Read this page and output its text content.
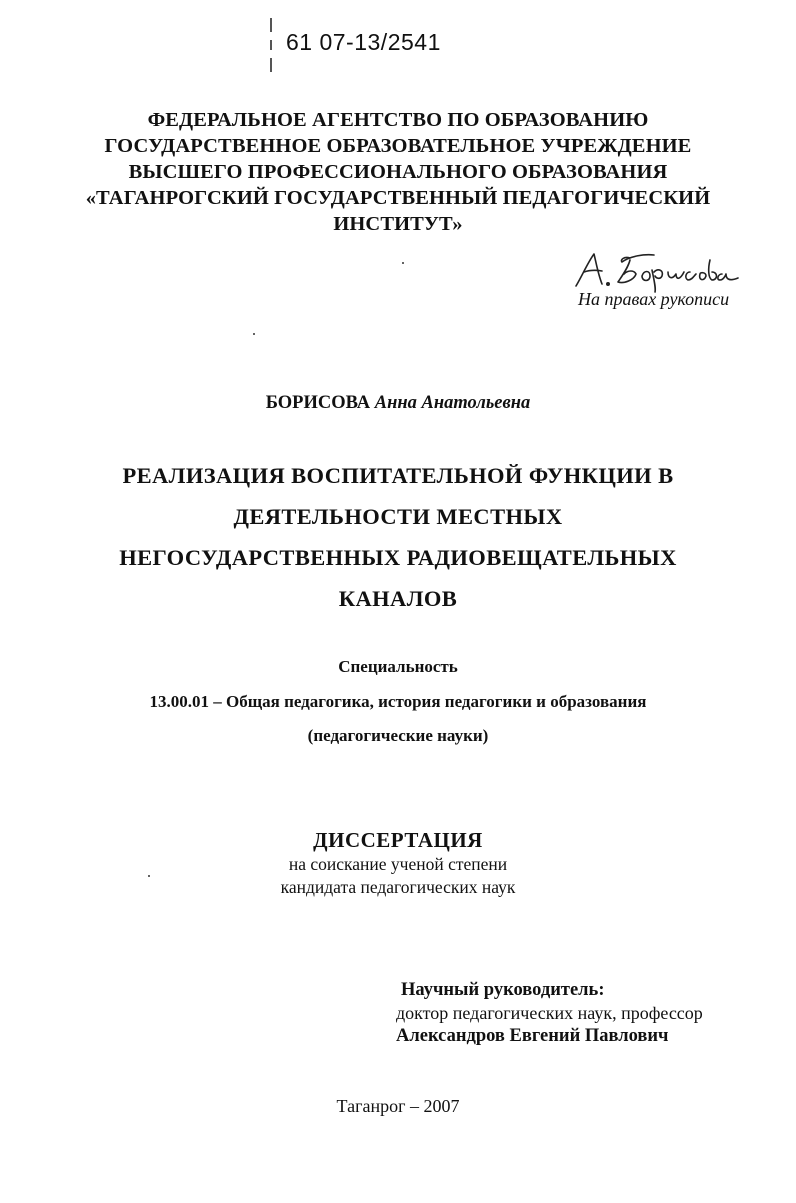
61 07-13/2541
ФЕДЕРАЛЬНОЕ АГЕНТСТВО ПО ОБРАЗОВАНИЮ
ГОСУДАРСТВЕННОЕ ОБРАЗОВАТЕЛЬНОЕ УЧРЕЖДЕНИЕ
ВЫСШЕГО ПРОФЕССИОНАЛЬНОГО ОБРАЗОВАНИЯ
«ТАГАНРОГСКИЙ ГОСУДАРСТВЕННЫЙ ПЕДАГОГИЧЕСКИЙ
ИНСТИТУТ»
На правах рукописи
БОРИСОВА Анна Анатольевна
РЕАЛИЗАЦИЯ ВОСПИТАТЕЛЬНОЙ ФУНКЦИИ В
ДЕЯТЕЛЬНОСТИ МЕСТНЫХ
НЕГОСУДАРСТВЕННЫХ РАДИОВЕЩАТЕЛЬНЫХ
КАНАЛОВ
Специальность
13.00.01 – Общая педагогика, история педагогики и образования
(педагогические науки)
ДИССЕРТАЦИЯ
на соискание ученой степени
кандидата педагогических наук
Научный руководитель:
доктор педагогических наук, профессор
Александров Евгений Павлович
Таганрог – 2007
